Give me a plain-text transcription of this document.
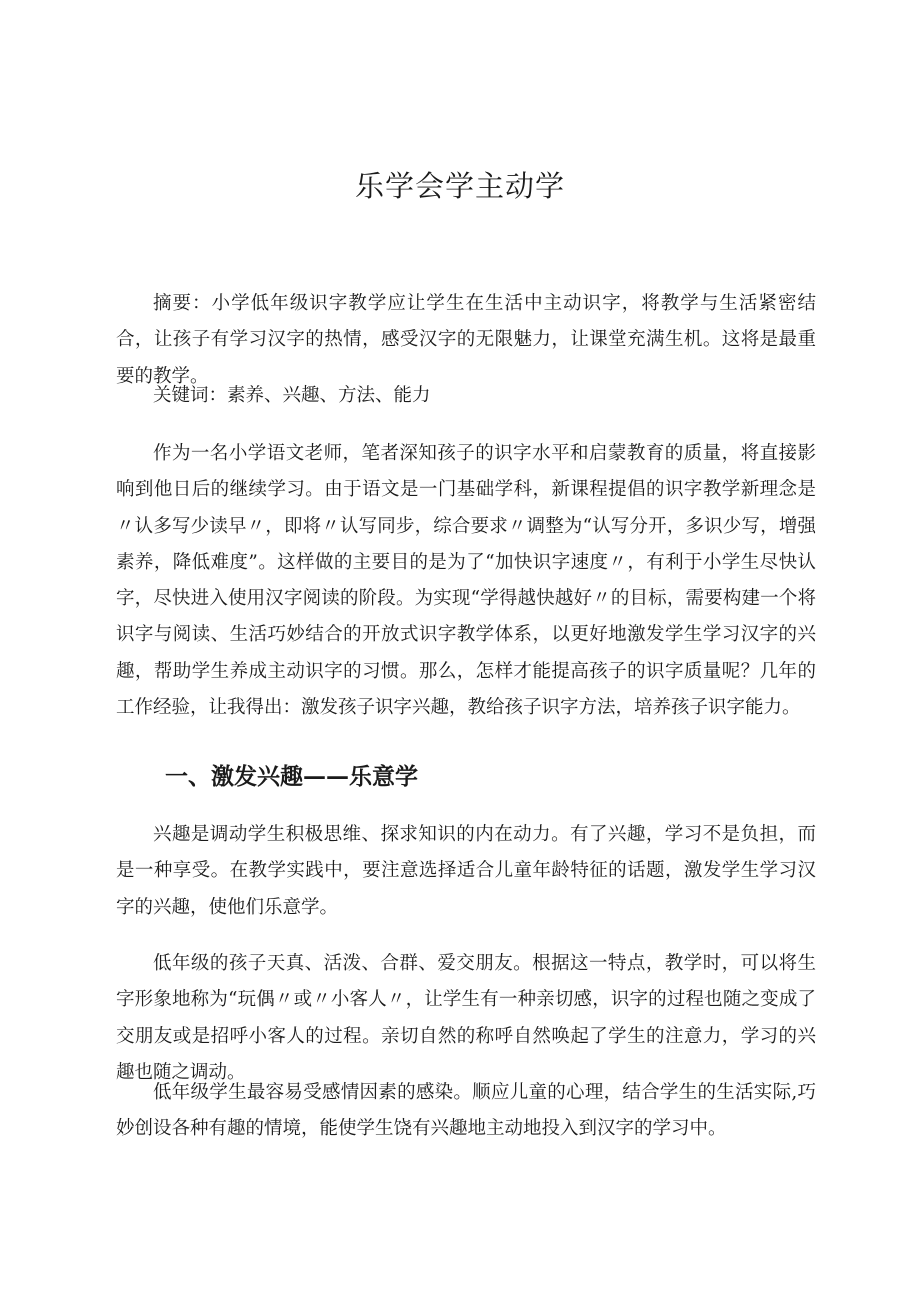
乐学会学主动学

摘要：小学低年级识字教学应让学生在生活中主动识字，将教学与生活紧密结合，让孩子有学习汉字的热情，感受汉字的无限魅力，让课堂充满生机。这将是最重要的教学。

关键词：素养、兴趣、方法、能力

作为一名小学语文老师，笔者深知孩子的识字水平和启蒙教育的质量，将直接影响到他日后的继续学习。由于语文是一门基础学科，新课程提倡的识字教学新理念是〃认多写少读早〃，即将〃认写同步，综合要求〃调整为“认写分开，多识少写，增强素养，降低难度”。这样做的主要目的是为了“加快识字速度〃，有利于小学生尽快认字，尽快进入使用汉字阅读的阶段。为实现“学得越快越好〃的目标，需要构建一个将识字与阅读、生活巧妙结合的开放式识字教学体系，以更好地激发学生学习汉字的兴趣，帮助学生养成主动识字的习惯。那么，怎样才能提高孩子的识字质量呢？几年的工作经验，让我得出：激发孩子识字兴趣，教给孩子识字方法，培养孩子识字能力。

一、激发兴趣——乐意学

兴趣是调动学生积极思维、探求知识的内在动力。有了兴趣，学习不是负担，而是一种享受。在教学实践中，要注意选择适合儿童年龄特征的话题，激发学生学习汉字的兴趣，使他们乐意学。

低年级的孩子天真、活泼、合群、爱交朋友。根据这一特点，教学时，可以将生字形象地称为“玩偶〃或〃小客人〃，让学生有一种亲切感，识字的过程也随之变成了交朋友或是招呼小客人的过程。亲切自然的称呼自然唤起了学生的注意力，学习的兴趣也随之调动。

低年级学生最容易受感情因素的感染。顺应儿童的心理，结合学生的生活实际,巧妙创设各种有趣的情境，能使学生饶有兴趣地主动地投入到汉字的学习中。
